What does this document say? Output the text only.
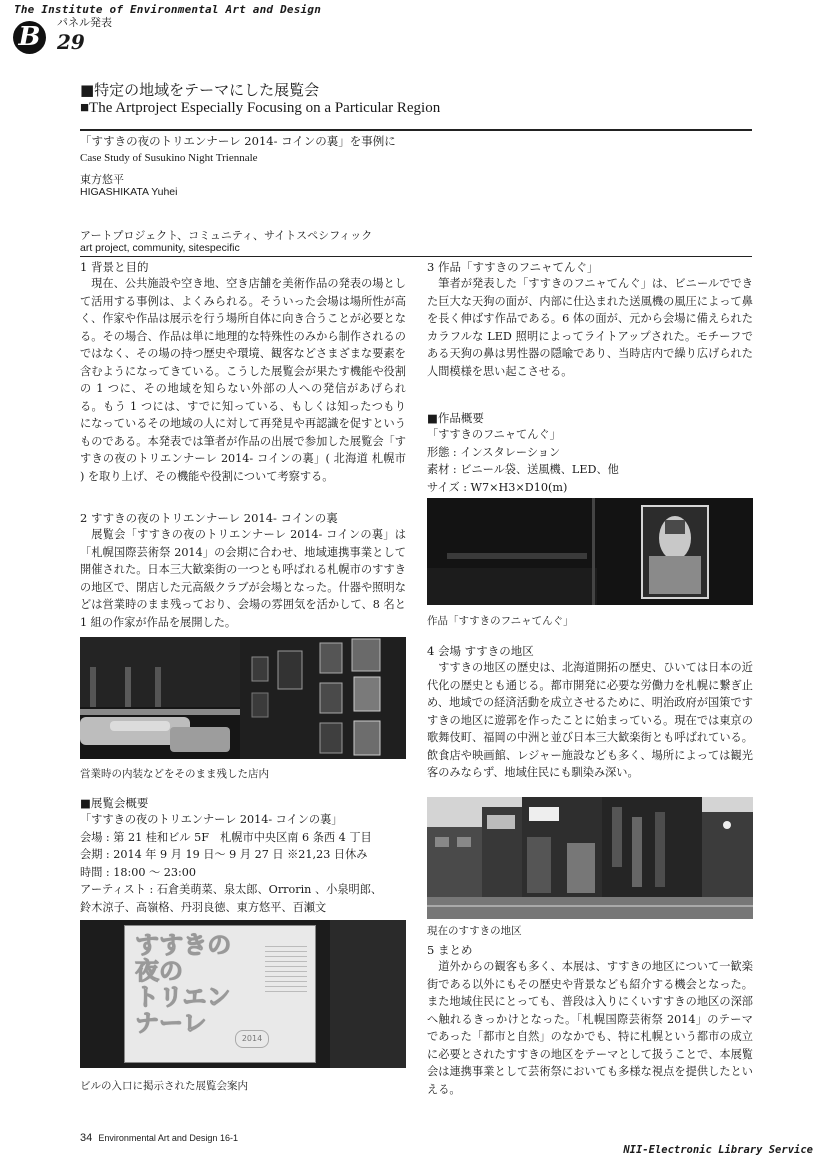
The Institute of Environmental Art and Design
B	パネル発表
29
■特定の地域をテーマにした展覧会
■The Artproject Especially Focusing on a Particular Region
「すすきの夜のトリエンナーレ 2014- コインの裏」を事例に
Case Study of Susukino Night Triennale
東方悠平
HIGASHIKATA Yuhei
アートプロジェクト、コミュニティ、サイトスペシフィック
art project, community, sitespecific
1 背景と目的

現在、公共施設や空き地、空き店舗を美術作品の発表の場として活用する事例は、よくみられる。そういった会場は場所性が高く、作家や作品は展示を行う場所自体に向き合うことが必要となる。その場合、作品は単に地理的な特殊性のみから制作されるのではなく、その場の持つ歴史や環境、観客などさまざまな要素を含むようになってきている。こうした展覧会が果たす機能や役割の 1 つに、その地域を知らない外部の人への発信があげられる。もう 1 つには、すでに知っている、もしくは知ったつもりになっているその地域の人に対して再発見や再認識を促すというものである。本発表では筆者が作品の出展で参加した展覧会「すすきの夜のトリエンナーレ 2014- コインの裏」( 北海道 札幌市 ) を取り上げ、その機能や役割について考察する。

2 すすきの夜のトリエンナーレ 2014- コインの裏

展覧会「すすきの夜のトリエンナーレ 2014- コインの裏」は「札幌国際芸術祭 2014」の会期に合わせ、地域連携事業として開催された。日本三大歓楽街の一つとも呼ばれる札幌市のすすきの地区で、閉店した元高級クラブが会場となった。什器や照明などは営業時のまま残っており、会場の雰囲気を活かして、8 名と 1 組の作家が作品を展開した。

営業時の内装などをそのまま残した店内
■展覧会概要

「すすきの夜のトリエンナーレ 2014- コインの裏」

会場 : 第 21 桂和ビル 5F　札幌市中央区南 6 条西 4 丁目

会期 : 2014 年 9 月 19 日～ 9 月 27 日 ※21,23 日休み

時間 : 18:00 ～ 23:00

アーティスト : 石倉美萌菜、泉太郎、Orrorin 、小泉明郎、

鈴木涼子、高嶺格、丹羽良徳、東方悠平、百瀬文

すすきの
夜の
トリエン
ナーレ
2014
ビルの入口に掲示された展覧会案内
3 作品「すすきのフニャてんぐ」

筆者が発表した「すすきのフニャてんぐ」は、ビニールでできた巨大な天狗の面が、内部に仕込まれた送風機の風圧によって鼻を長く伸ばす作品である。6 体の面が、元から会場に備えられたカラフルな LED 照明によってライトアップされた。モチーフである天狗の鼻は男性器の隠喩であり、当時店内で繰り広げられた人間模様を思い起こさせる。

■作品概要

「すすきのフニャてんぐ」

形態 : インスタレーション

素材 : ビニール袋、送風機、LED、他

サイズ : W7×H3×D10(m)

作品「すすきのフニャてんぐ」
4 会場 すすきの地区

すすきの地区の歴史は、北海道開拓の歴史、ひいては日本の近代化の歴史とも通じる。都市開発に必要な労働力を札幌に繋ぎ止め、地域での経済活動を成立させるために、明治政府が国策ですすきの地区に遊郭を作ったことに始まっている。現在では東京の歌舞伎町、福岡の中洲と並び日本三大歓楽街とも呼ばれている。飲食店や映画館、レジャー施設なども多く、場所によっては観光客のみならず、地域住民にも馴染み深い。

現在のすすきの地区
5 まとめ

道外からの観客も多く、本展は、すすきの地区について一歓楽街である以外にもその歴史や背景なども紹介する機会となった。また地域住民にとっても、普段は入りにくいすすきの地区の深部へ触れるきっかけとなった。「札幌国際芸術祭 2014」のテーマであった「都市と自然」のなかでも、特に札幌という都市の成立に必要とされたすすきの地区をテーマとして扱うことで、本展覧会は連携事業として芸術祭においても多様な視点を提供したといえる。

34 Environmental Art and Design 16-1
NII-Electronic Library Service
